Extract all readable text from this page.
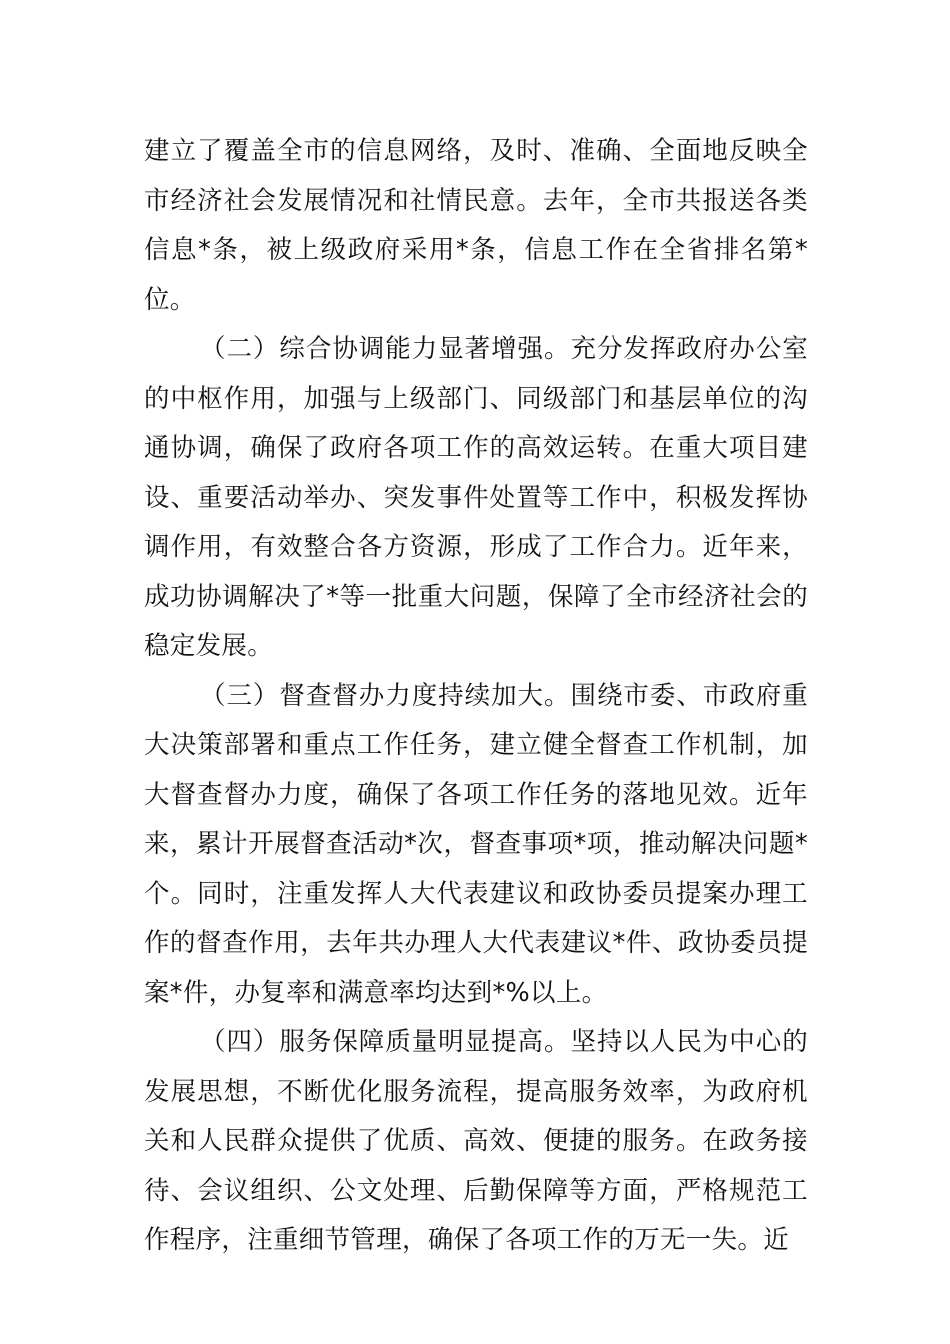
建立了覆盖全市的信息网络，及时、准确、全面地反映全市经济社会发展情况和社情民意。去年，全市共报送各类信息*条，被上级政府采用*条，信息工作在全省排名第*位。

（二）综合协调能力显著增强。充分发挥政府办公室的中枢作用，加强与上级部门、同级部门和基层单位的沟通协调，确保了政府各项工作的高效运转。在重大项目建设、重要活动举办、突发事件处置等工作中，积极发挥协调作用，有效整合各方资源，形成了工作合力。近年来，成功协调解决了*等一批重大问题，保障了全市经济社会的稳定发展。

（三）督查督办力度持续加大。围绕市委、市政府重大决策部署和重点工作任务，建立健全督查工作机制，加大督查督办力度，确保了各项工作任务的落地见效。近年来，累计开展督查活动*次，督查事项*项，推动解决问题*个。同时，注重发挥人大代表建议和政协委员提案办理工作的督查作用，去年共办理人大代表建议*件、政协委员提案*件，办复率和满意率均达到*%以上。

（四）服务保障质量明显提高。坚持以人民为中心的发展思想，不断优化服务流程，提高服务效率，为政府机关和人民群众提供了优质、高效、便捷的服务。在政务接待、会议组织、公文处理、后勤保障等方面，严格规范工作程序，注重细节管理，确保了各项工作的万无一失。近
